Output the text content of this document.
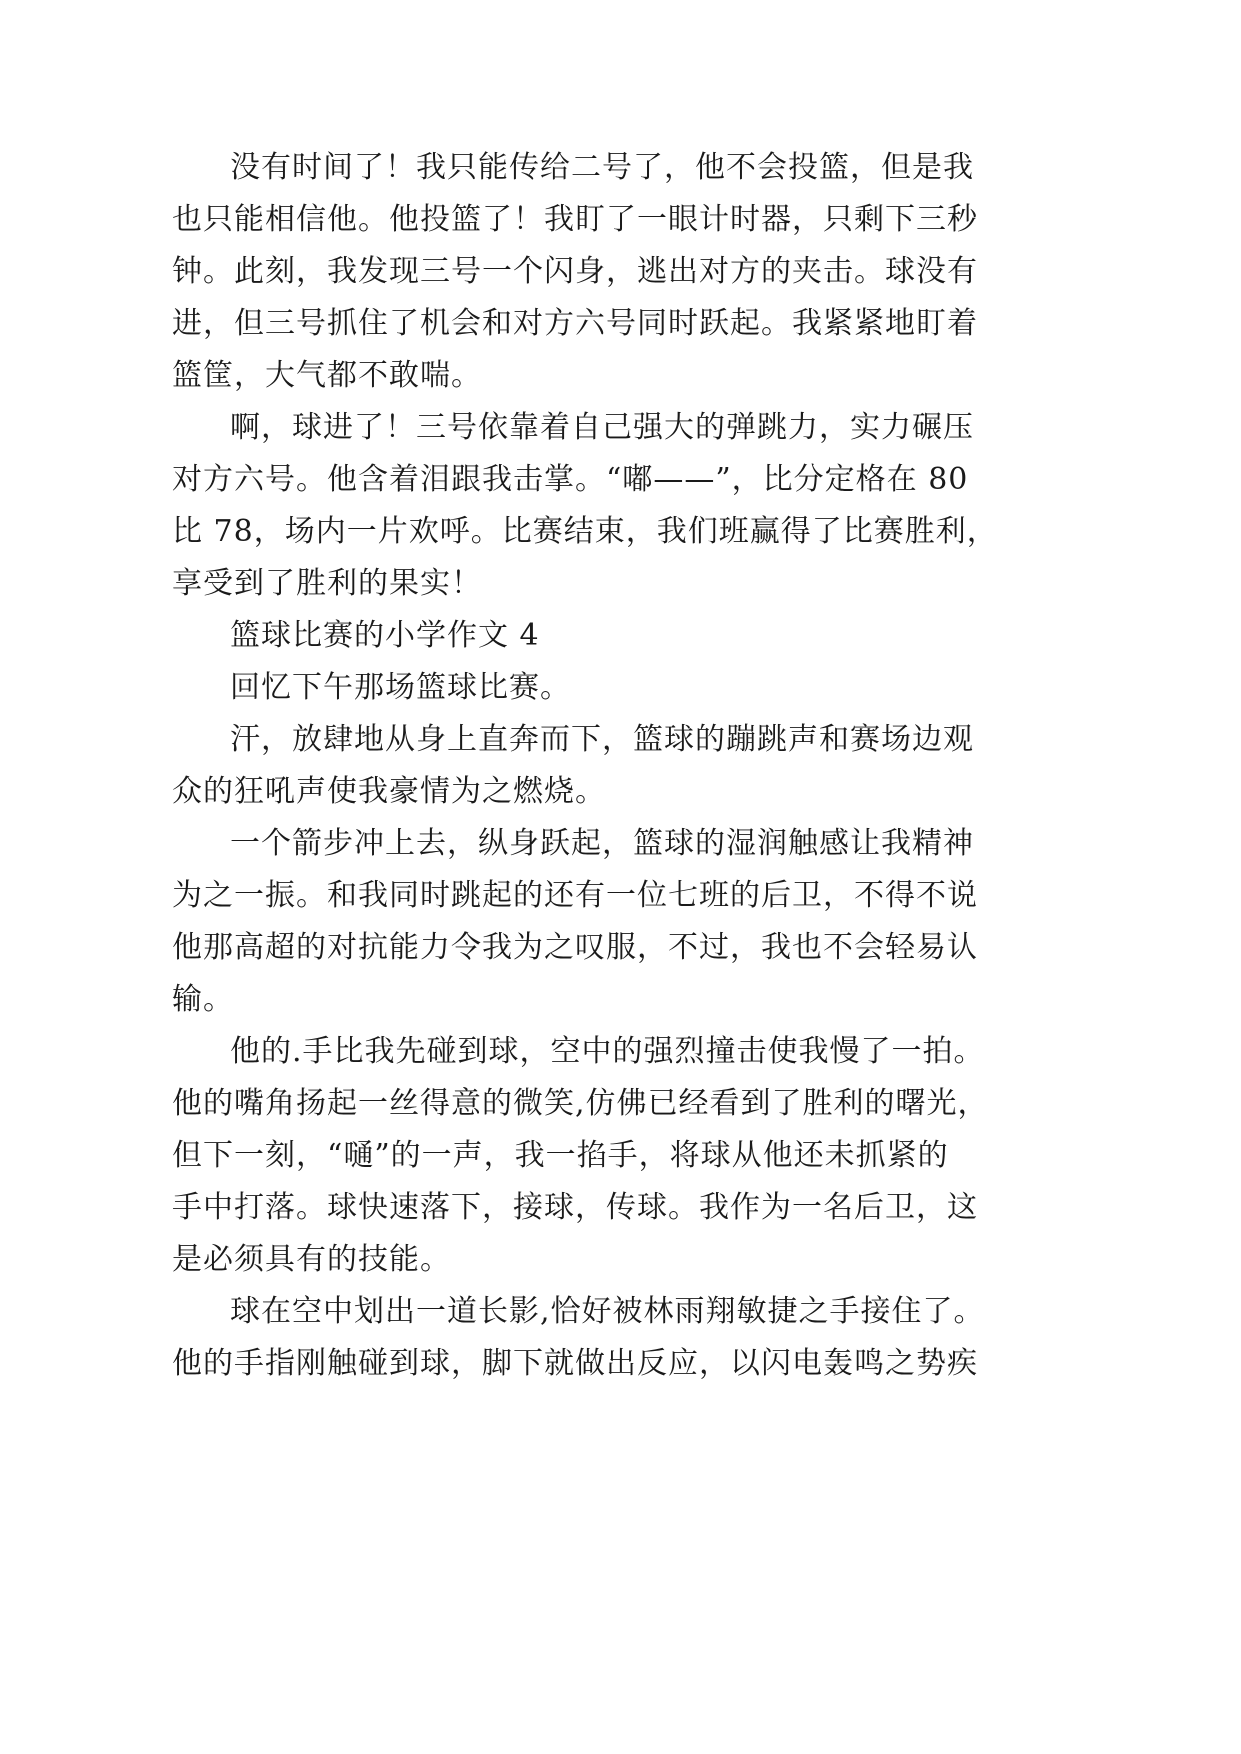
没有时间了！我只能传给二号了，他不会投篮，但是我
也只能相信他。他投篮了！我盯了一眼计时器，只剩下三秒
钟。此刻，我发现三号一个闪身，逃出对方的夹击。球没有
进，但三号抓住了机会和对方六号同时跃起。我紧紧地盯着
篮筐，大气都不敢喘。
啊，球进了！三号依靠着自己强大的弹跳力，实力碾压
对方六号。他含着泪跟我击掌。“嘟——”，比分定格在 80
比 78，场内一片欢呼。比赛结束，我们班赢得了比赛胜利，
享受到了胜利的果实！
篮球比赛的小学作文 4
回忆下午那场篮球比赛。
汗，放肆地从身上直奔而下，篮球的蹦跳声和赛场边观
众的狂吼声使我豪情为之燃烧。
一个箭步冲上去，纵身跃起，篮球的湿润触感让我精神
为之一振。和我同时跳起的还有一位七班的后卫，不得不说
他那高超的对抗能力令我为之叹服，不过，我也不会轻易认
输。
他的.手比我先碰到球，空中的强烈撞击使我慢了一拍。
他的嘴角扬起一丝得意的微笑,仿佛已经看到了胜利的曙光，
但下一刻，“嗵”的一声，我一掐手，将球从他还未抓紧的
手中打落。球快速落下，接球，传球。我作为一名后卫，这
是必须具有的技能。
球在空中划出一道长影,恰好被林雨翔敏捷之手接住了。
他的手指刚触碰到球，脚下就做出反应，以闪电轰鸣之势疾
